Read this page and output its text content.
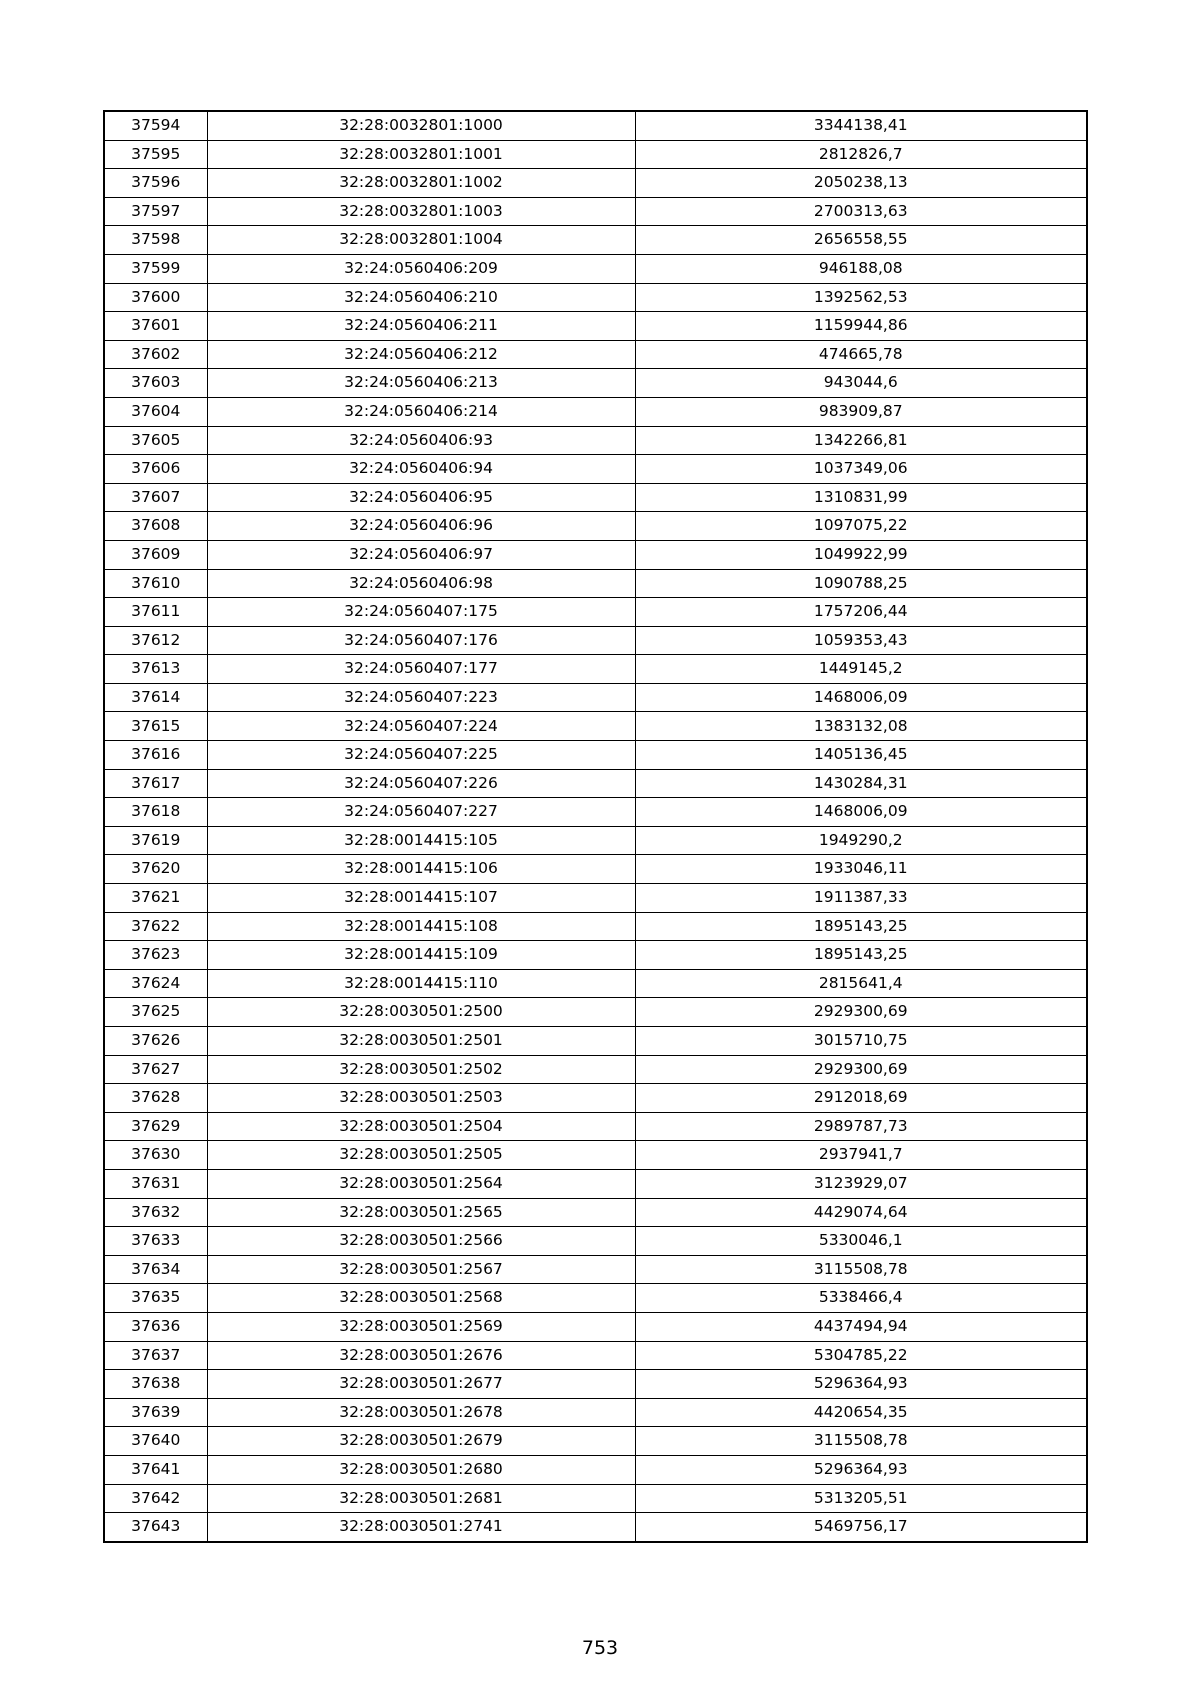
37594	32:28:0032801:1000	3344138,41
37595	32:28:0032801:1001	2812826,7
37596	32:28:0032801:1002	2050238,13
37597	32:28:0032801:1003	2700313,63
37598	32:28:0032801:1004	2656558,55
37599	32:24:0560406:209	946188,08
37600	32:24:0560406:210	1392562,53
37601	32:24:0560406:211	1159944,86
37602	32:24:0560406:212	474665,78
37603	32:24:0560406:213	943044,6
37604	32:24:0560406:214	983909,87
37605	32:24:0560406:93	1342266,81
37606	32:24:0560406:94	1037349,06
37607	32:24:0560406:95	1310831,99
37608	32:24:0560406:96	1097075,22
37609	32:24:0560406:97	1049922,99
37610	32:24:0560406:98	1090788,25
37611	32:24:0560407:175	1757206,44
37612	32:24:0560407:176	1059353,43
37613	32:24:0560407:177	1449145,2
37614	32:24:0560407:223	1468006,09
37615	32:24:0560407:224	1383132,08
37616	32:24:0560407:225	1405136,45
37617	32:24:0560407:226	1430284,31
37618	32:24:0560407:227	1468006,09
37619	32:28:0014415:105	1949290,2
37620	32:28:0014415:106	1933046,11
37621	32:28:0014415:107	1911387,33
37622	32:28:0014415:108	1895143,25
37623	32:28:0014415:109	1895143,25
37624	32:28:0014415:110	2815641,4
37625	32:28:0030501:2500	2929300,69
37626	32:28:0030501:2501	3015710,75
37627	32:28:0030501:2502	2929300,69
37628	32:28:0030501:2503	2912018,69
37629	32:28:0030501:2504	2989787,73
37630	32:28:0030501:2505	2937941,7
37631	32:28:0030501:2564	3123929,07
37632	32:28:0030501:2565	4429074,64
37633	32:28:0030501:2566	5330046,1
37634	32:28:0030501:2567	3115508,78
37635	32:28:0030501:2568	5338466,4
37636	32:28:0030501:2569	4437494,94
37637	32:28:0030501:2676	5304785,22
37638	32:28:0030501:2677	5296364,93
37639	32:28:0030501:2678	4420654,35
37640	32:28:0030501:2679	3115508,78
37641	32:28:0030501:2680	5296364,93
37642	32:28:0030501:2681	5313205,51
37643	32:28:0030501:2741	5469756,17
753
